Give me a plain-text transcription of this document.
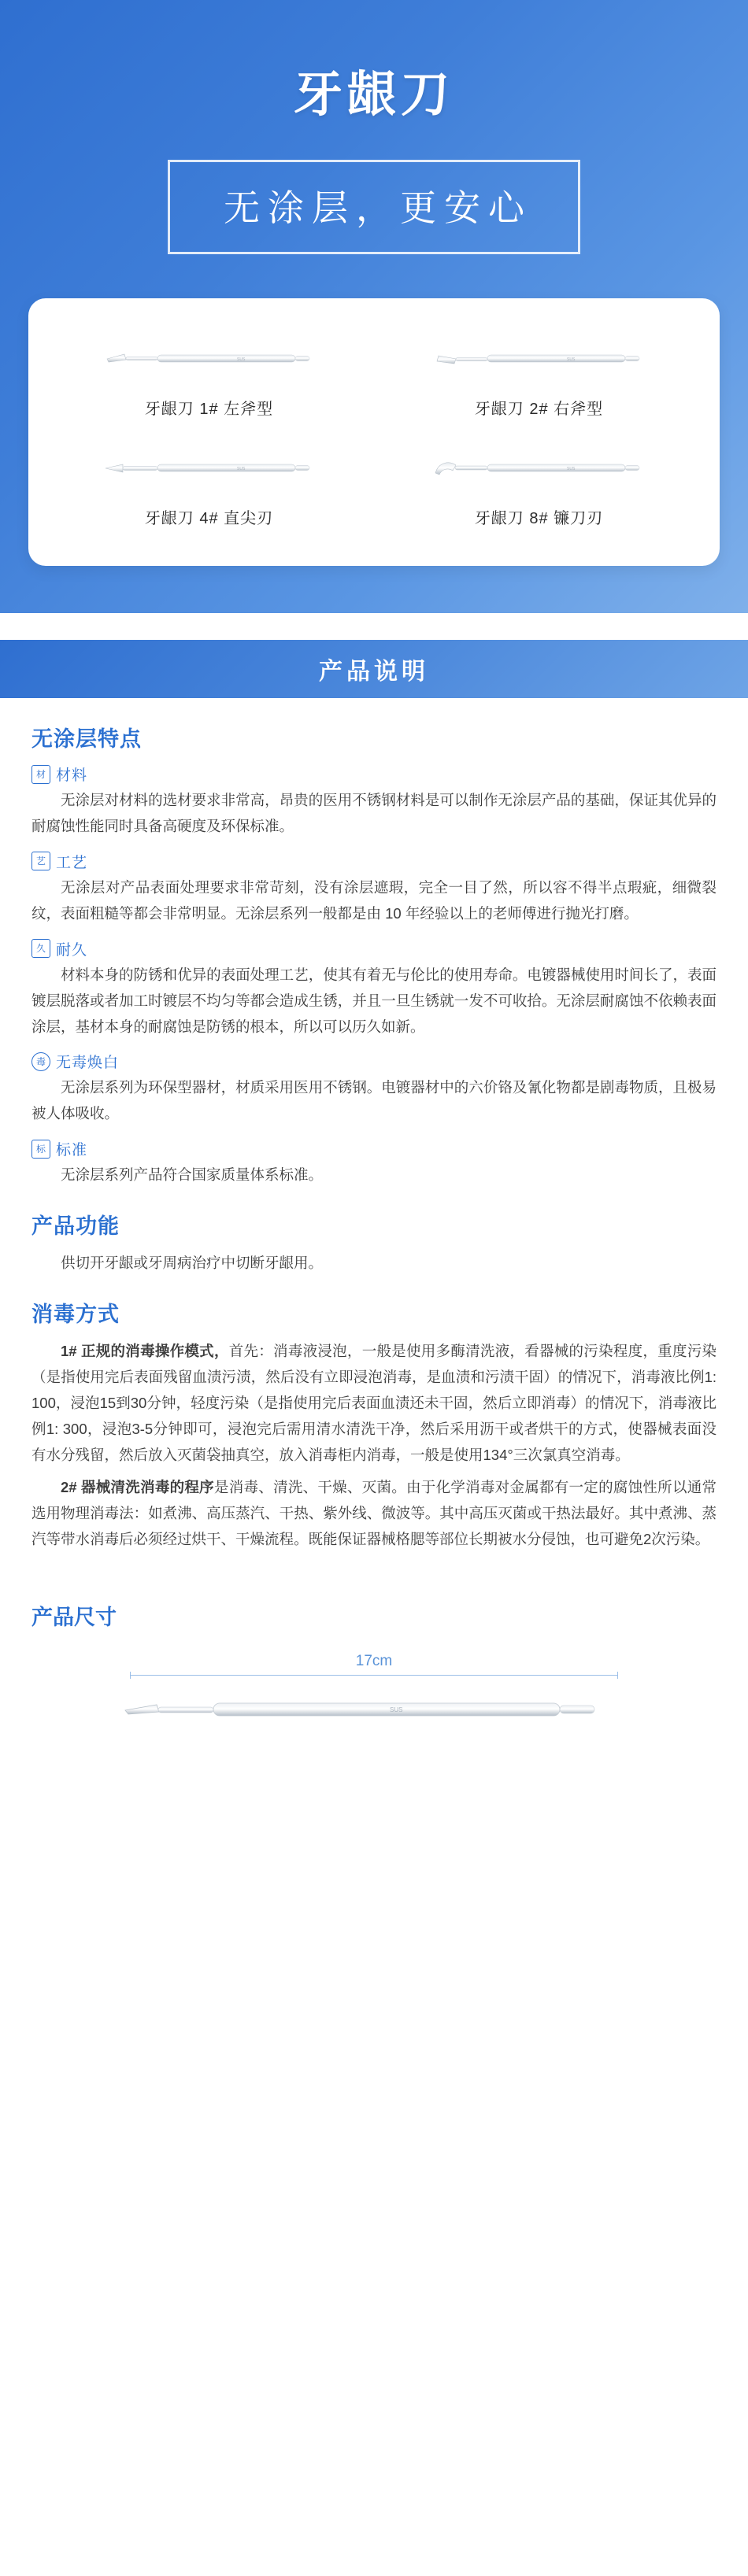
牙龈刀
无涂层，更安心
SUS
牙龈刀 1# 左斧型
SUS
牙龈刀 2# 右斧型
SUS
牙龈刀 4# 直尖刃
SUS
牙龈刀 8# 镰刀刃
产品说明
无涂层特点
材 材料

无涂层对材料的选材要求非常高，昂贵的医用不锈钢材料是可以制作无涂层产品的基础，保证其优异的耐腐蚀性能同时具备高硬度及环保标准。

艺 工艺

无涂层对产品表面处理要求非常苛刻，没有涂层遮瑕，完全一目了然，所以容不得半点瑕疵，细微裂纹，表面粗糙等都会非常明显。无涂层系列一般都是由 10 年经验以上的老师傅进行抛光打磨。

久 耐久

材料本身的防锈和优异的表面处理工艺，使其有着无与伦比的使用寿命。电镀器械使用时间长了，表面镀层脱落或者加工时镀层不均匀等都会造成生锈，并且一旦生锈就一发不可收拾。无涂层耐腐蚀不依赖表面涂层，基材本身的耐腐蚀是防锈的根本，所以可以历久如新。

毒 无毒焕白

无涂层系列为环保型器材，材质采用医用不锈钢。电镀器材中的六价铬及氰化物都是剧毒物质，且极易被人体吸收。

标 标准

无涂层系列产品符合国家质量体系标准。

产品功能

供切开牙龈或牙周病治疗中切断牙龈用。

消毒方式

1# 正规的消毒操作模式，首先：消毒液浸泡，一般是使用多酶清洗液，看器械的污染程度，重度污染（是指使用完后表面残留血渍污渍，然后没有立即浸泡消毒，是血渍和污渍干固）的情况下，消毒液比例1: 100，浸泡15到30分钟，轻度污染（是指使用完后表面血渍还未干固，然后立即消毒）的情况下，消毒液比例1: 300，浸泡3-5分钟即可，浸泡完后需用清水清洗干净，然后采用沥干或者烘干的方式，使器械表面没有水分残留，然后放入灭菌袋抽真空，放入消毒柜内消毒，一般是使用134°三次氯真空消毒。

2# 器械清洗消毒的程序是消毒、清洗、干燥、灭菌。由于化学消毒对金属都有一定的腐蚀性所以通常选用物理消毒法：如煮沸、高压蒸汽、干热、紫外线、微波等。其中高压灭菌或干热法最好。其中煮沸、蒸汽等带水消毒后必须经过烘干、干燥流程。既能保证器械格腮等部位长期被水分侵蚀，也可避免2次污染。

产品尺寸
17cm
SUS
